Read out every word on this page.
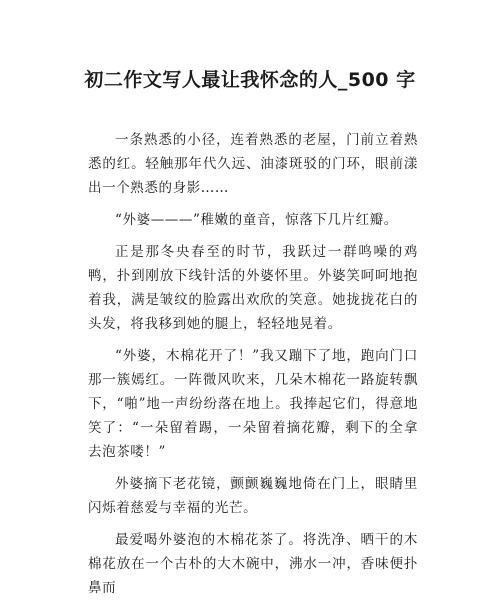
初二作文写人最让我怀念的人_500 字

一条熟悉的小径，连着熟悉的老屋，门前立着熟悉的红。轻触那年代久远、油漆斑驳的门环，眼前漾出一个熟悉的身影……

“外婆———”稚嫩的童音，惊落下几片红瓣。

正是那冬央春至的时节，我跃过一群鸣噪的鸡鸭，扑到刚放下线针活的外婆怀里。外婆笑呵呵地抱着我，满是皱纹的脸露出欢欣的笑意。她拢拢花白的头发，将我移到她的腿上，轻轻地晃着。

“外婆，木棉花开了！”我又蹦下了地，跑向门口那一簇嫣红。一阵微风吹来，几朵木棉花一路旋转飘下，“啪”地一声纷纷落在地上。我捧起它们，得意地笑了：“一朵留着踢，一朵留着摘花瓣，剩下的全拿去泡茶喽！”

外婆摘下老花镜，颤颤巍巍地倚在门上，眼睛里闪烁着慈爱与幸福的光芒。

最爱喝外婆泡的木棉花茶了。将洗净、晒干的木棉花放在一个古朴的大木碗中，沸水一冲，香味便扑鼻而
